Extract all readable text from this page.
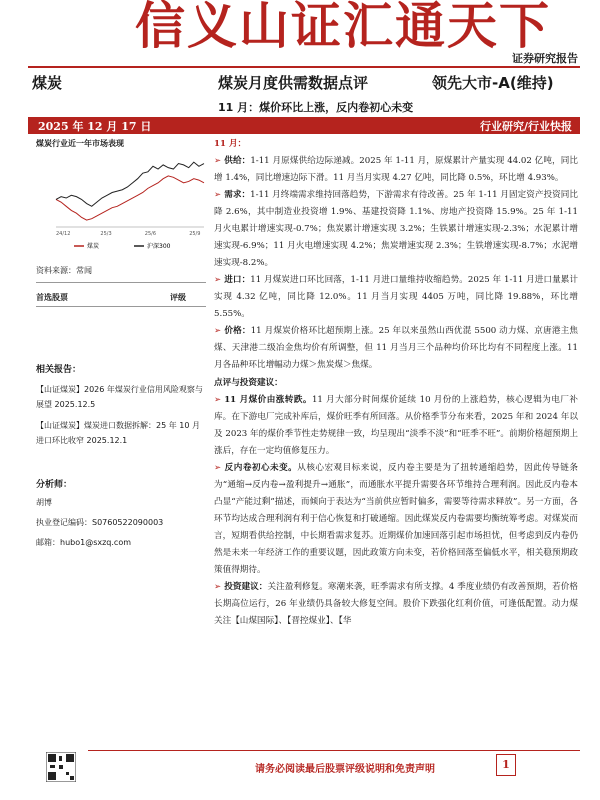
信义山证汇通天下
证券研究报告
煤炭	煤炭月度供需数据点评	领先大市-A(维持)
11 月：煤价环比上涨，反内卷初心未变
2025 年 12 月 17 日	行业研究/行业快报
煤炭行业近一年市场表现
24/12	25/3	25/6	25/9
煤炭	沪深300
资料来源：常闻
首选股票	评级
相关报告：
【山证煤炭】2026 年煤炭行业信用风险观察与展望 2025.12.5
【山证煤炭】煤炭进口数据拆解：25 年 10 月进口环比收窄 2025.12.1
分析师：
胡博
执业登记编码：S0760522090003
邮箱：hubo1@sxzq.com

11 月：

➢ 供给：1-11 月原煤供给边际递减。2025 年 1-11 月，原煤累计产量实现 44.02 亿吨，同比增 1.4%，同比增速边际下滑。11 月当月实现 4.27 亿吨，同比降 0.5%，环比增 4.93%。

➢ 需求：1-11 月终端需求维持回落趋势，下游需求有待改善。25 年 1-11 月固定资产投资同比降 2.6%，其中制造业投资增 1.9%、基建投资降 1.1%、房地产投资降 15.9%。25 年 1-11 月火电累计增速实现-0.7%；焦炭累计增速实现 3.2%；生铁累计增速实现-2.3%；水泥累计增速实现-6.9%；11 月火电增速实现 4.2%；焦炭增速实现 2.3%；生铁增速实现-8.7%；水泥增速实现-8.2%。

➢ 进口：11 月煤炭进口环比回落，1-11 月进口量维持收缩趋势。2025 年 1-11 月进口量累计实现 4.32 亿吨，同比降 12.0%。11 月当月实现 4405 万吨，同比降 19.88%，环比增 5.55%。

➢ 价格：11 月煤炭价格环比超预期上涨。25 年以来虽然山西优混 5500 动力煤、京唐港主焦煤、天津港二级冶金焦均价有所调整，但 11 月当月三个品种均价环比均有不同程度上涨。11 月各品种环比增幅动力煤＞焦炭煤＞焦煤。

点评与投资建议：

➢ 11 月煤价由涨转跌。11 月大部分时间煤价延续 10 月份的上涨趋势，核心逻辑为电厂补库。在下游电厂完成补库后，煤价旺季有所回落。从价格季节分布来看，2025 年和 2024 年以及 2023 年的煤价季节性走势规律一致，均呈现出“淡季不淡”和“旺季不旺”。前期价格超预期上涨后，存在一定均值修复压力。

➢ 反内卷初心未变。从核心宏观目标来说，反内卷主要是为了扭转通缩趋势，因此传导链条为“通缩→反内卷→盈利提升→通胀”，而通胀水平提升需要各环节维持合理利润。因此反内卷本凸显“产能过剩”描述，而倾向于表达为“当前供应暂时偏多，需要等待需求释放”。另一方面，各环节均达成合理利润有利于信心恢复和打破通缩。因此煤炭反内卷需要均衡统筹考虑。对煤炭而言，短期看供给控制，中长期看需求复苏。近期煤价加速回落引起市场担忧，但考虑到反内卷仍然是未来一年经济工作的重要议题，因此政策方向未变，若价格回落至偏低水平，相关稳预期政策值得期待。

➢ 投资建议：关注盈利修复。寒潮来袭，旺季需求有所支撑。4 季度业绩仍有改善预期，若价格长期高位运行，26 年业绩仍具备较大修复空间。股价下跌强化红利价值，可逢低配置。动力煤关注【山煤国际】、【晋控煤业】、【华

请务必阅读最后股票评级说明和免责声明	1
